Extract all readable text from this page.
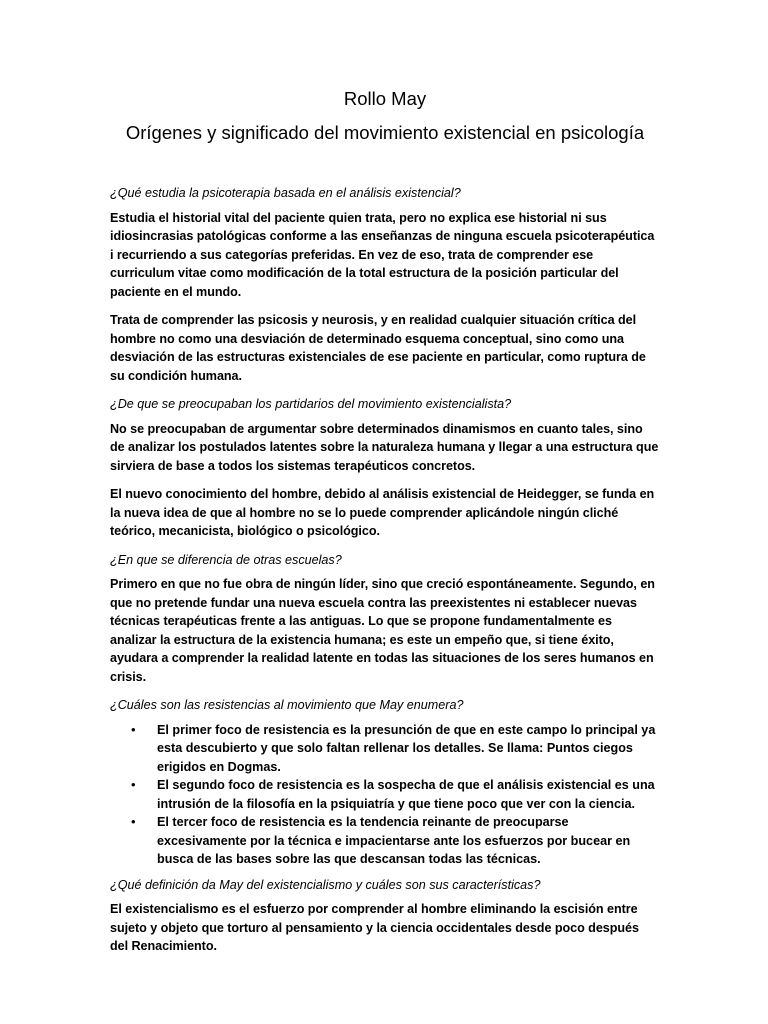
Rollo May
Orígenes y significado del movimiento existencial en psicología
¿Qué estudia la psicoterapia basada en el análisis existencial?
Estudia el historial vital del paciente quien trata, pero no explica ese historial ni sus idiosincrasias patológicas conforme a las enseñanzas de ninguna escuela psicoterapéutica i recurriendo a sus categorías preferidas. En vez de eso, trata de comprender ese curriculum vitae como modificación de la total estructura de la posición particular del paciente en el mundo.
Trata de comprender las psicosis y neurosis, y en realidad cualquier situación crítica del hombre no como una desviación de determinado esquema conceptual, sino como una desviación de las estructuras existenciales de ese paciente en particular, como ruptura de su condición humana.
¿De que se preocupaban los partidarios del movimiento existencialista?
No se preocupaban de argumentar sobre determinados dinamismos en cuanto tales, sino de analizar los postulados latentes sobre la naturaleza humana y llegar a una estructura que sirviera de base a todos los sistemas terapéuticos concretos.
El nuevo conocimiento del hombre, debido al análisis existencial de Heidegger, se funda en la nueva idea de que al hombre no se lo puede comprender aplicándole ningún cliché teórico, mecanicista, biológico o psicológico.
¿En que se diferencia de otras escuelas?
Primero en que no fue obra de ningún líder, sino que creció espontáneamente. Segundo, en que no pretende fundar una nueva escuela contra las preexistentes ni establecer nuevas técnicas terapéuticas frente a las antiguas. Lo que se propone fundamentalmente es analizar la estructura de la existencia humana; es este un empeño que, si tiene éxito, ayudara a comprender la realidad latente en todas las situaciones de los seres humanos en crisis.
¿Cuáles son las resistencias al movimiento que May enumera?
• El primer foco de resistencia es la presunción de que en este campo lo principal ya esta descubierto y que solo faltan rellenar los detalles. Se llama: Puntos ciegos erigidos en Dogmas.
• El segundo foco de resistencia es la sospecha de que el análisis existencial es una intrusión de la filosofía en la psiquiatría y que tiene poco que ver con la ciencia.
• El tercer foco de resistencia es la tendencia reinante de preocuparse excesivamente por la técnica e impacientarse ante los esfuerzos por bucear en busca de las bases sobre las que descansan todas las técnicas.
¿Qué definición da May del existencialismo y cuáles son sus características?
El existencialismo es el esfuerzo por comprender al hombre eliminando la escisión entre sujeto y objeto que torturo al pensamiento y la ciencia occidentales desde poco después del Renacimiento.
